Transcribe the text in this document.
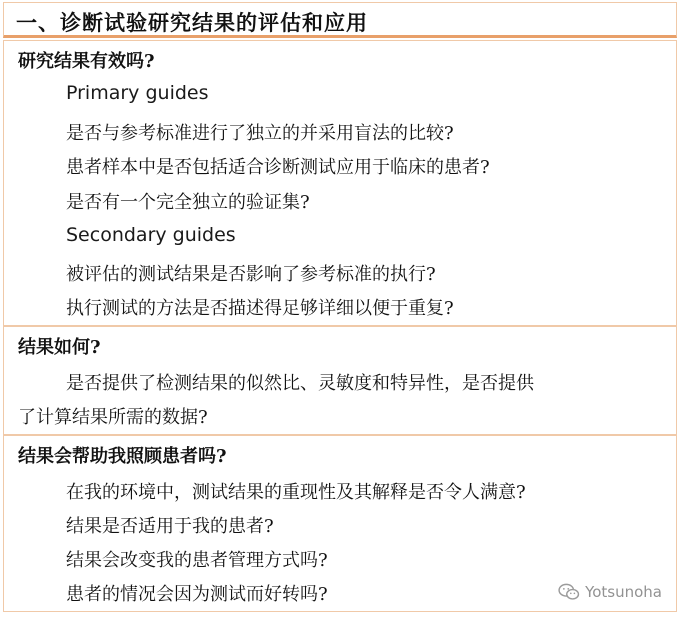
一、诊断试验研究结果的评估和应用
研究结果有效吗?
Primary guides
是否与参考标准进行了独立的并采用盲法的比较?
患者样本中是否包括适合诊断测试应用于临床的患者?
是否有一个完全独立的验证集?
Secondary guides
被评估的测试结果是否影响了参考标准的执行?
执行测试的方法是否描述得足够详细以便于重复?
结果如何?
是否提供了检测结果的似然比、灵敏度和特异性，是否提供
了计算结果所需的数据?
结果会帮助我照顾患者吗?
在我的环境中，测试结果的重现性及其解释是否令人满意?
结果是否适用于我的患者?
结果会改变我的患者管理方式吗?
患者的情况会因为测试而好转吗?	Yotsunoha
